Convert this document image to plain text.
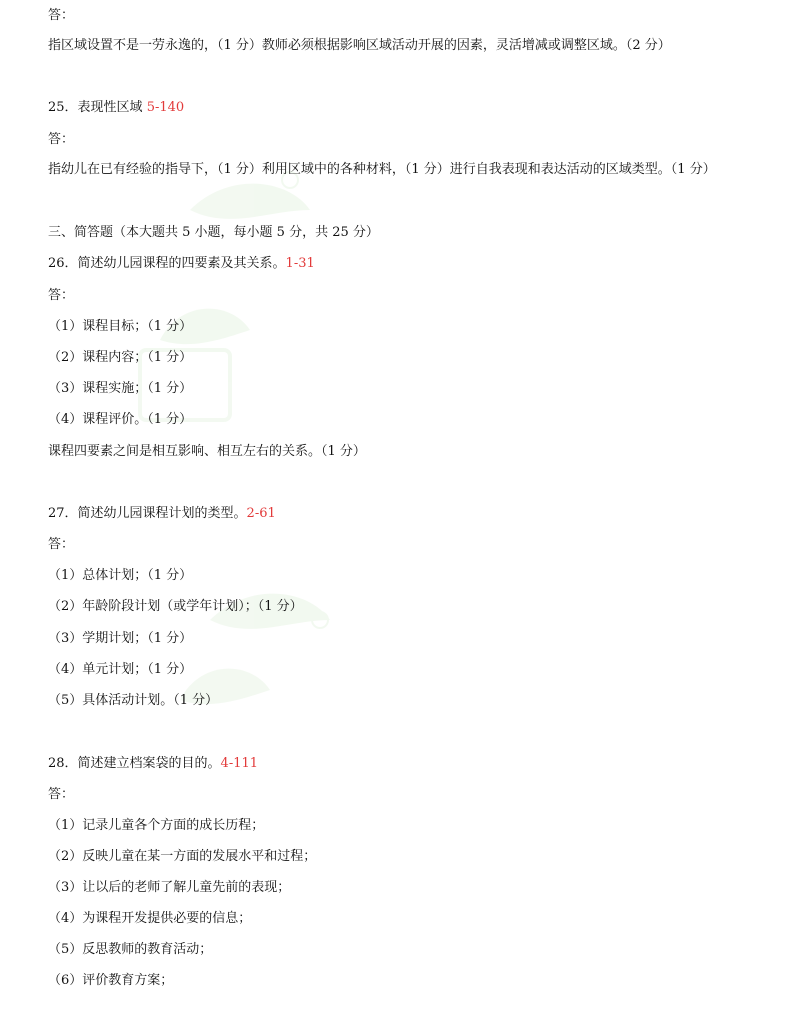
答：
指区域设置不是一劳永逸的，（1 分）教师必须根据影响区域活动开展的因素，灵活增减或调整区域。（2 分）
25．表现性区域 5-140
答：
指幼儿在已有经验的指导下，（1 分）利用区域中的各种材料，（1 分）进行自我表现和表达活动的区域类型。（1 分）
三、简答题（本大题共 5 小题，每小题 5 分，共 25 分）
26．简述幼儿园课程的四要素及其关系。1-31
答：
（1）课程目标；（1 分）
（2）课程内容；（1 分）
（3）课程实施；（1 分）
（4）课程评价。（1 分）
课程四要素之间是相互影响、相互左右的关系。（1 分）
27．简述幼儿园课程计划的类型。2-61
答：
（1）总体计划；（1 分）
（2）年龄阶段计划（或学年计划）；（1 分）
（3）学期计划；（1 分）
（4）单元计划；（1 分）
（5）具体活动计划。（1 分）
28．简述建立档案袋的目的。4-111
答：
（1）记录儿童各个方面的成长历程；
（2）反映儿童在某一方面的发展水平和过程；
（3）让以后的老师了解儿童先前的表现；
（4）为课程开发提供必要的信息；
（5）反思教师的教育活动；
（6）评价教育方案；
